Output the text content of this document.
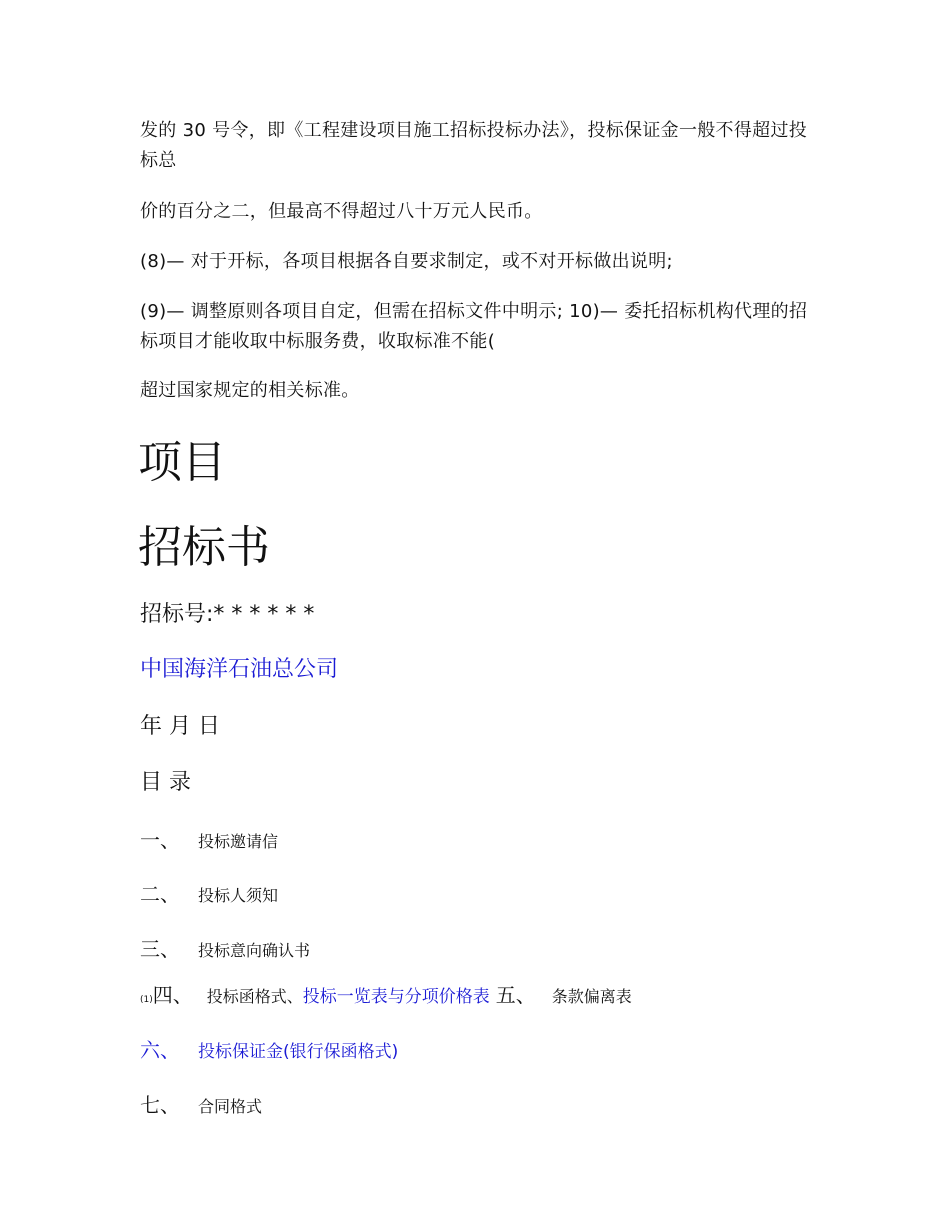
发的 30 号令，即《工程建设项目施工招标投标办法》，投标保证金一般不得超过投标总

价的百分之二，但最高不得超过八十万元人民币。

(8)— 对于开标，各项目根据各自要求制定，或不对开标做出说明;

(9)— 调整原则各项目自定，但需在招标文件中明示; 10)— 委托招标机构代理的招标项目才能收取中标服务费，收取标准不能(

超过国家规定的相关标准。

项目
招标书
招标号:* * * * * *
中国海洋石油总公司
年 月 日
目 录
一、 投标邀请信
二、 投标人须知
三、 投标意向确认书
(1)四、 投标函格式、投标一览表与分项价格表 五、 条款偏离表
六、 投标保证金(银行保函格式)
七、 合同格式
